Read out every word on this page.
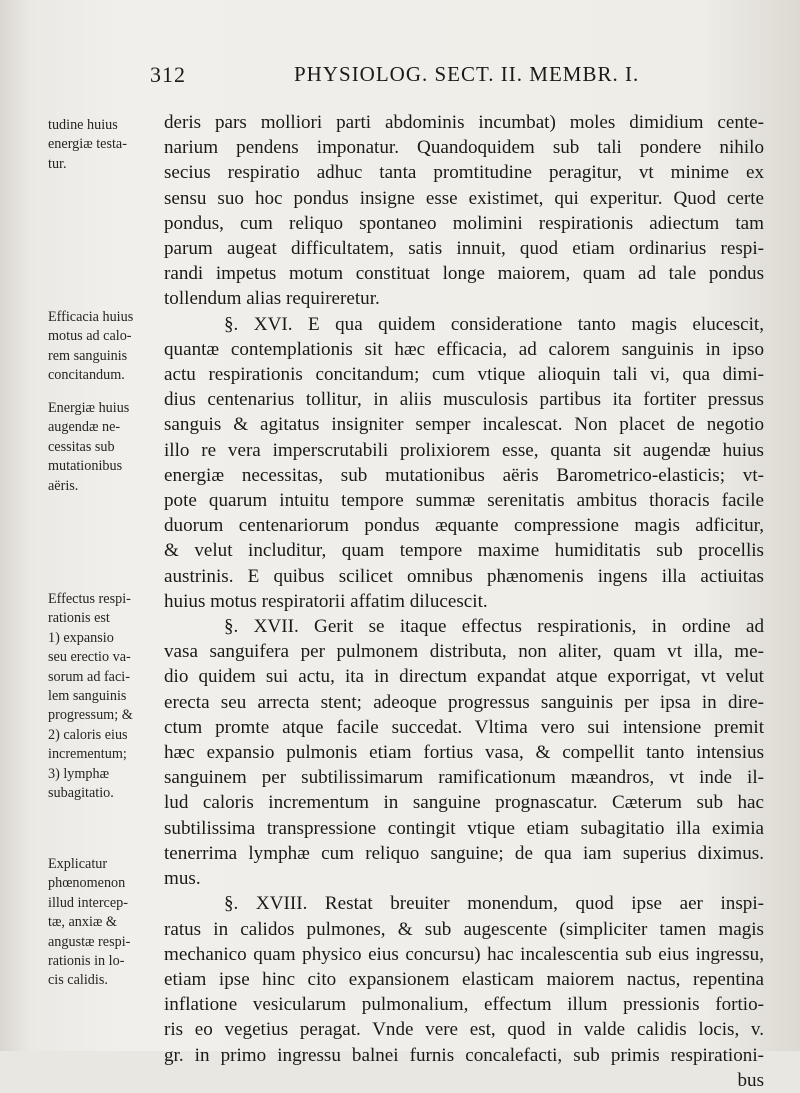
312	PHYSIOLOG. SECT. II. MEMBR. I.
tudine huius
energiæ testa-
tur.
Efficacia huius
motus ad calo-
rem sanguinis
concitandum.
Energiæ huius
augendæ ne-
cessitas sub
mutationibus
aëris.
Effectus respi-
rationis est
1) expansio
seu erectio va-
sorum ad faci-
lem sanguinis
progressum; &
2) caloris eius
incrementum;
3) lymphæ
subagitatio.
Explicatur
phœnomenon
illud intercep-
tæ, anxiæ &
angustæ respi-
rationis in lo-
cis calidis.
deris pars molliori parti abdominis incumbat) moles dimidium cente-
narium pendens imponatur. Quandoquidem sub tali pondere nihilo
secius respiratio adhuc tanta promtitudine peragitur, vt minime ex
sensu suo hoc pondus insigne esse existimet, qui experitur. Quod certe
pondus, cum reliquo spontaneo molimini respirationis adiectum tam
parum augeat difficultatem, satis innuit, quod etiam ordinarius respi-
randi impetus motum constituat longe maiorem, quam ad tale pondus
tollendum alias requireretur.
§. XVI. E qua quidem consideratione tanto magis elucescit,
quantæ contemplationis sit hæc efficacia, ad calorem sanguinis in ipso
actu respirationis concitandum; cum vtique alioquin tali vi, qua dimi-
dius centenarius tollitur, in aliis musculosis partibus ita fortiter pressus
sanguis & agitatus insigniter semper incalescat. Non placet de negotio
illo re vera imperscrutabili prolixiorem esse, quanta sit augendæ huius
energiæ necessitas, sub mutationibus aëris Barometrico-elasticis; vt-
pote quarum intuitu tempore summæ serenitatis ambitus thoracis facile
duorum centenariorum pondus æquante compressione magis adficitur,
& velut includitur, quam tempore maxime humiditatis sub procellis
austrinis. E quibus scilicet omnibus phænomenis ingens illa actiuitas
huius motus respiratorii affatim dilucescit.
§. XVII. Gerit se itaque effectus respirationis, in ordine ad
vasa sanguifera per pulmonem distributa, non aliter, quam vt illa, me-
dio quidem sui actu, ita in directum expandat atque exporrigat, vt velut
erecta seu arrecta stent; adeoque progressus sanguinis per ipsa in dire-
ctum promte atque facile succedat. Vltima vero sui intensione premit
hæc expansio pulmonis etiam fortius vasa, & compellit tanto intensius
sanguinem per subtilissimarum ramificationum mæandros, vt inde il-
lud caloris incrementum in sanguine prognascatur. Cæterum sub hac
subtilissima transpressione contingit vtique etiam subagitatio illa eximia
tenerrima lymphæ cum reliquo sanguine; de qua iam superius diximus.
mus.
§. XVIII. Restat breuiter monendum, quod ipse aer inspi-
ratus in calidos pulmones, & sub augescente (simpliciter tamen magis
mechanico quam physico eius concursu) hac incalescentia sub eius ingressu,
etiam ipse hinc cito expansionem elasticam maiorem nactus, repentina
inflatione vesicularum pulmonalium, effectum illum pressionis fortio-
ris eo vegetius peragat. Vnde vere est, quod in valde calidis locis, v.
gr. in primo ingressu balnei furnis concalefacti, sub primis respirationi-
bus
